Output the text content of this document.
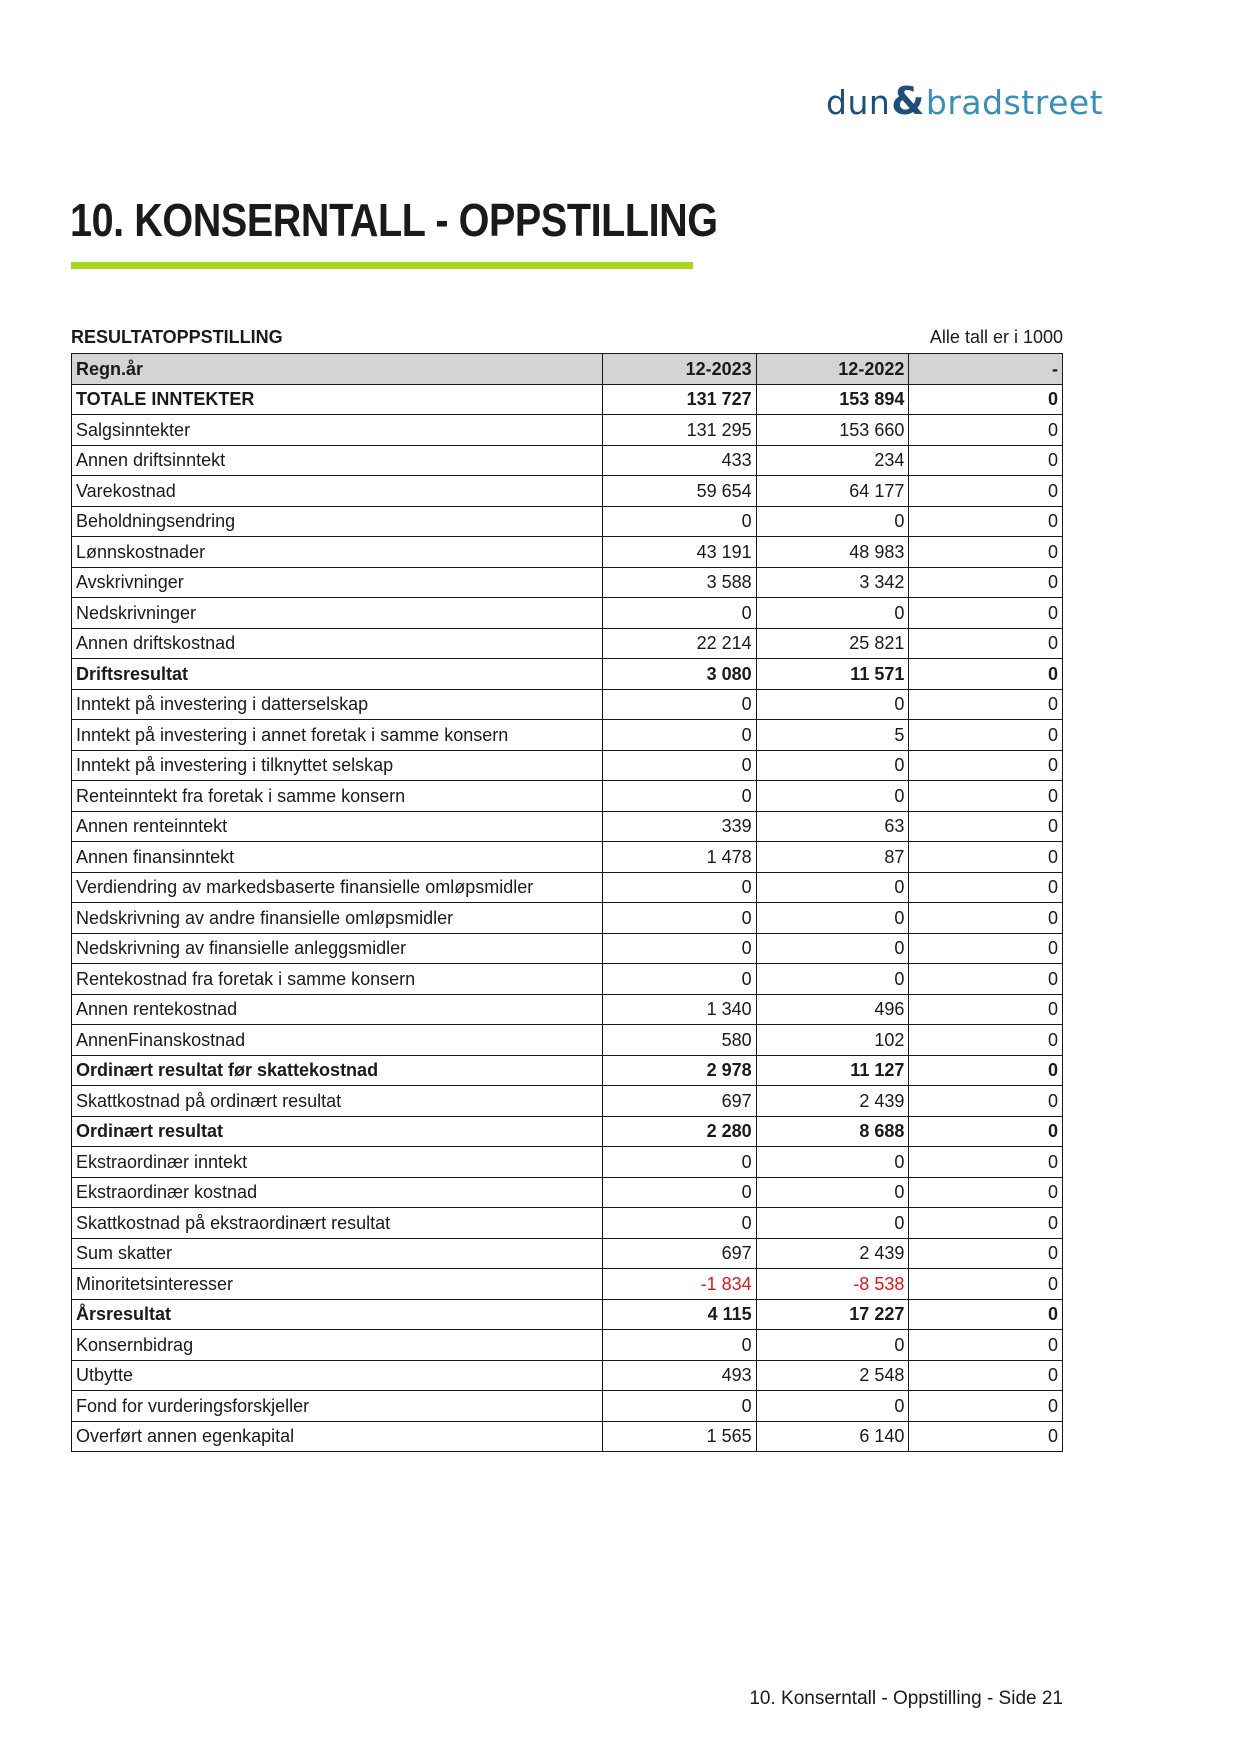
dun & bradstreet
10. KONSERNTALL - OPPSTILLING
RESULTATOPPSTILLING	Alle tall er i 1000
Regn.år	12-2023	12-2022	-
TOTALE INNTEKTER	131 727	153 894	0
Salgsinntekter	131 295	153 660	0
Annen driftsinntekt	433	234	0
Varekostnad	59 654	64 177	0
Beholdningsendring	0	0	0
Lønnskostnader	43 191	48 983	0
Avskrivninger	3 588	3 342	0
Nedskrivninger	0	0	0
Annen driftskostnad	22 214	25 821	0
Driftsresultat	3 080	11 571	0
Inntekt på investering i datterselskap	0	0	0
Inntekt på investering i annet foretak i samme konsern	0	5	0
Inntekt på investering i tilknyttet selskap	0	0	0
Renteinntekt fra foretak i samme konsern	0	0	0
Annen renteinntekt	339	63	0
Annen finansinntekt	1 478	87	0
Verdiendring av markedsbaserte finansielle omløpsmidler	0	0	0
Nedskrivning av andre finansielle omløpsmidler	0	0	0
Nedskrivning av finansielle anleggsmidler	0	0	0
Rentekostnad fra foretak i samme konsern	0	0	0
Annen rentekostnad	1 340	496	0
AnnenFinanskostnad	580	102	0
Ordinært resultat før skattekostnad	2 978	11 127	0
Skattkostnad på ordinært resultat	697	2 439	0
Ordinært resultat	2 280	8 688	0
Ekstraordinær inntekt	0	0	0
Ekstraordinær kostnad	0	0	0
Skattkostnad på ekstraordinært resultat	0	0	0
Sum skatter	697	2 439	0
Minoritetsinteresser	-1 834	-8 538	0
Årsresultat	4 115	17 227	0
Konsernbidrag	0	0	0
Utbytte	493	2 548	0
Fond for vurderingsforskjeller	0	0	0
Overført annen egenkapital	1 565	6 140	0
10. Konserntall - Oppstilling - Side 21
